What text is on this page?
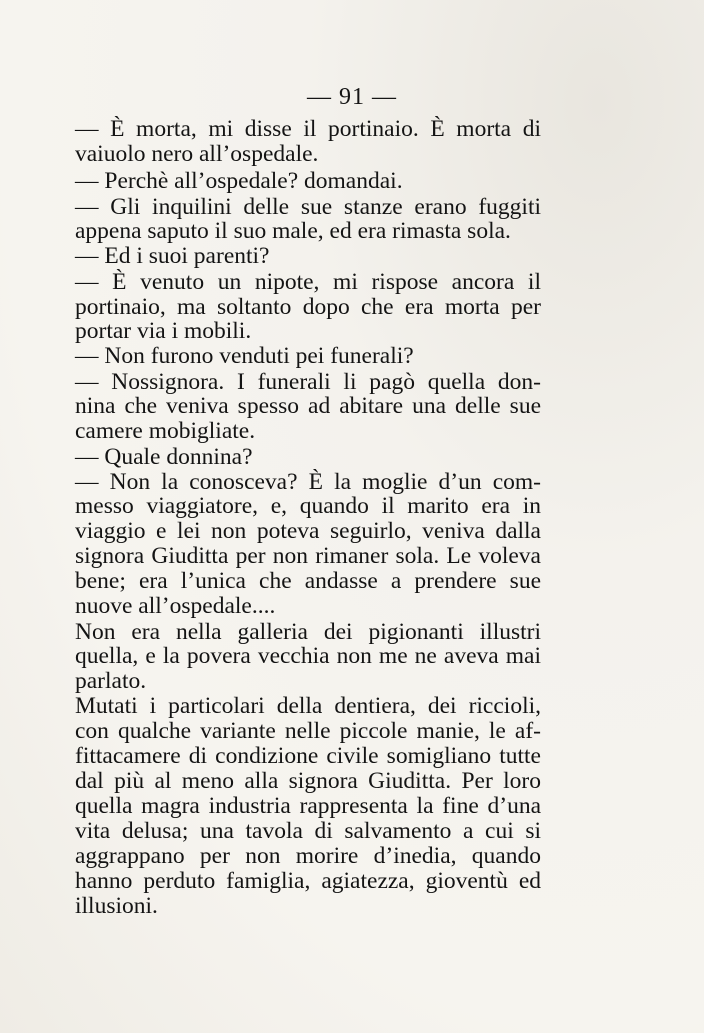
— 91 —
— È morta, mi disse il portinaio. È morta di
vaiuolo nero all’ospedale.
— Perchè all’ospedale? domandai.
— Gli inquilini delle sue stanze erano fuggiti
appena saputo il suo male, ed era rimasta sola.
— Ed i suoi parenti?
— È venuto un nipote, mi rispose ancora il
portinaio, ma soltanto dopo che era morta per
portar via i mobili.
— Non furono venduti pei funerali?
— Nossignora. I funerali li pagò quella don-
nina che veniva spesso ad abitare una delle sue
camere mobigliate.
— Quale donnina?
— Non la conosceva? È la moglie d’un com-
messo viaggiatore, e, quando il marito era in
viaggio e lei non poteva seguirlo, veniva dalla
signora Giuditta per non rimaner sola. Le voleva
bene; era l’unica che andasse a prendere sue
nuove all’ospedale....
Non era nella galleria dei pigionanti illustri
quella, e la povera vecchia non me ne aveva mai
parlato.
Mutati i particolari della dentiera, dei riccioli,
con qualche variante nelle piccole manie, le af-
fittacamere di condizione civile somigliano tutte
dal più al meno alla signora Giuditta. Per loro
quella magra industria rappresenta la fine d’una
vita delusa; una tavola di salvamento a cui si
aggrappano per non morire d’inedia, quando
hanno perduto famiglia, agiatezza, gioventù ed
illusioni.
